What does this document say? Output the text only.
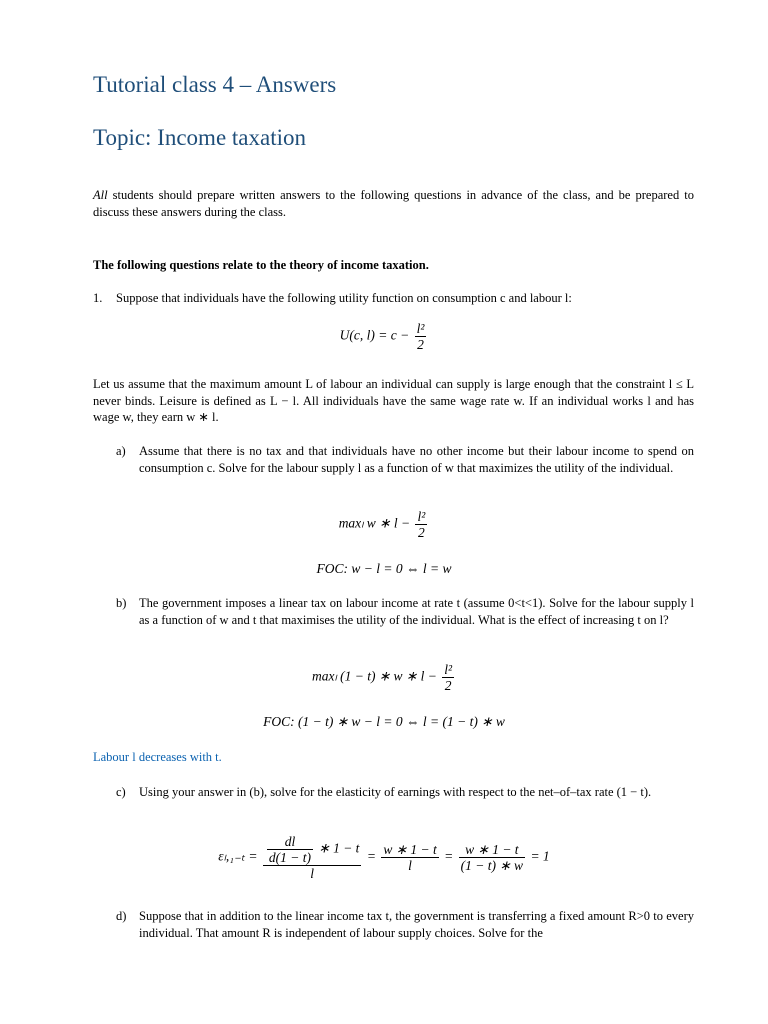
Tutorial class 4 – Answers
Topic: Income taxation

All students should prepare written answers to the following questions in advance of the class, and be prepared to discuss these answers during the class.

The following questions relate to the theory of income taxation.

1. Suppose that individuals have the following utility function on consumption c and labour l:

U(c, $l) = c - \frac{\text{l²}}{2}$

Let us assume that the maximum amount L of labour an individual can supply is large enough that the constraint l ≤ L never binds. Leisure is defined as L − l. All individuals have the same wage rate w. If an individual works l and has wage w, they earn w ∗ l.

a) Assume that there is no tax and that individuals have no other income but their labour income to spend on consumption c. Solve for the labour supply l as a function of w that maximizes the utility of the individual.

maxₗ w ∗ $l - \frac{\text{l²}}{2}$
FOC: w − l = 0 ⇔ l = w
b) The government imposes a linear tax on labour income at rate t (assume 0<t<1). Solve for the labour supply l as a function of w and t that maximises the utility of the individual. What is the effect of increasing t on l?

maxₗ (1 − t) ∗ w ∗ $l - \frac{\text{l²}}{2}$
FOC: (1 − t) ∗ w − l = 0 ⇔ l = (1 − t) ∗ w

Labour l decreases with t.

c) Using your answer in (b), solve for the elasticity of earnings with respect to the net–of–tax rate (1 − t).

$\varepsilon_l,_{1-t} = \frac{\frac{dl}{d(1 - t)} ∗ 1 - t}{l} = \frac{w ∗ 1 - t}{l} = \frac{w ∗ 1 - t}{(1 - t) ∗ w} = 1$
d) Suppose that in addition to the linear income tax t, the government is transferring a fixed amount R>0 to every individual. That amount R is independent of labour supply choices. Solve for the
